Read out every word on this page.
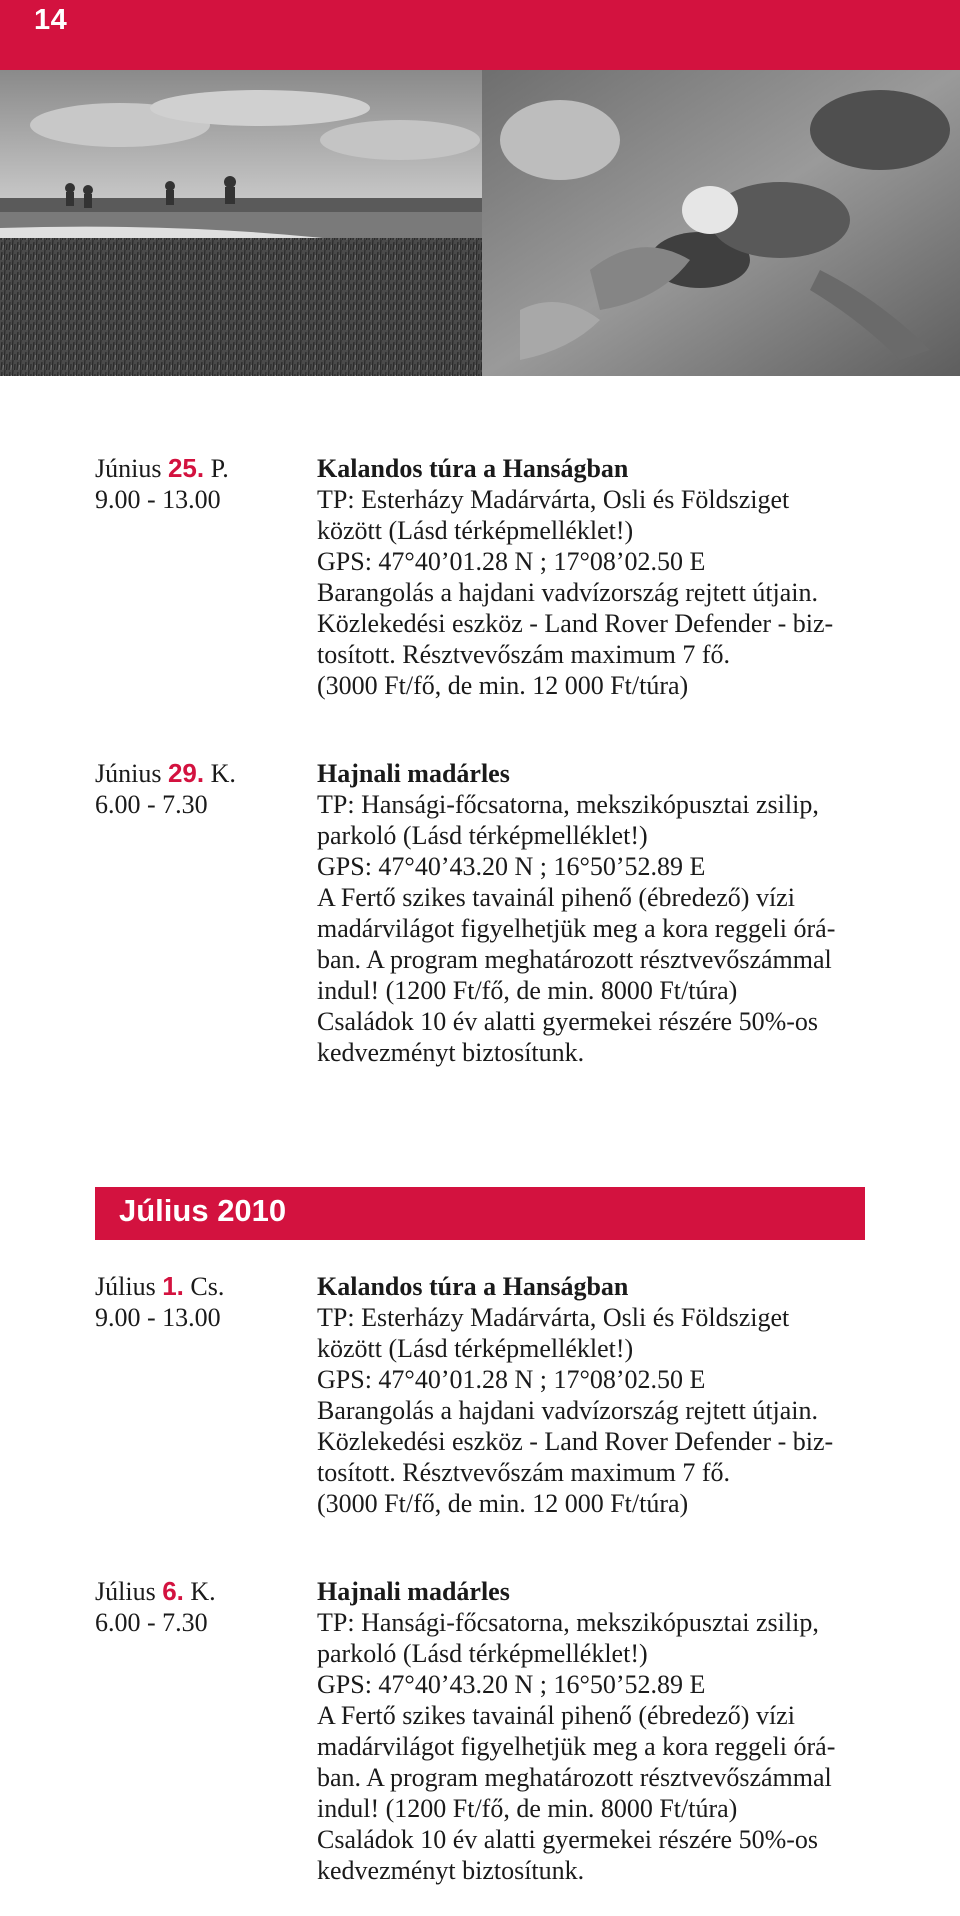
14
Június 25. P.
9.00 - 13.00
Kalandos túra a Hanságban
TP: Esterházy Madárvárta, Osli és Földsziget
között (Lásd térképmelléklet!)
GPS: 47°40’01.28 N ; 17°08’02.50 E
Barangolás a hajdani vadvízország rejtett útjain.
Közlekedési eszköz - Land Rover Defender - biz-
tosított. Résztvevőszám maximum 7 fő.
(3000 Ft/fő, de min. 12 000 Ft/túra)
Június 29. K.
6.00 - 7.30
Hajnali madárles
TP: Hansági-főcsatorna, mekszikópusztai zsilip,
parkoló (Lásd térképmelléklet!)
GPS: 47°40’43.20 N ; 16°50’52.89 E
A Fertő szikes tavainál pihenő (ébredező) vízi
madárvilágot figyelhetjük meg a kora reggeli órá-
ban. A program meghatározott résztvevőszámmal
indul! (1200 Ft/fő, de min. 8000 Ft/túra)
Családok 10 év alatti gyermekei részére 50%-os
kedvezményt biztosítunk.
Július 2010
Július 1. Cs.
9.00 - 13.00
Kalandos túra a Hanságban
TP: Esterházy Madárvárta, Osli és Földsziget
között (Lásd térképmelléklet!)
GPS: 47°40’01.28 N ; 17°08’02.50 E
Barangolás a hajdani vadvízország rejtett útjain.
Közlekedési eszköz - Land Rover Defender - biz-
tosított. Résztvevőszám maximum 7 fő.
(3000 Ft/fő, de min. 12 000 Ft/túra)
Július 6. K.
6.00 - 7.30
Hajnali madárles
TP: Hansági-főcsatorna, mekszikópusztai zsilip,
parkoló (Lásd térképmelléklet!)
GPS: 47°40’43.20 N ; 16°50’52.89 E
A Fertő szikes tavainál pihenő (ébredező) vízi
madárvilágot figyelhetjük meg a kora reggeli órá-
ban. A program meghatározott résztvevőszámmal
indul! (1200 Ft/fő, de min. 8000 Ft/túra)
Családok 10 év alatti gyermekei részére 50%-os
kedvezményt biztosítunk.
